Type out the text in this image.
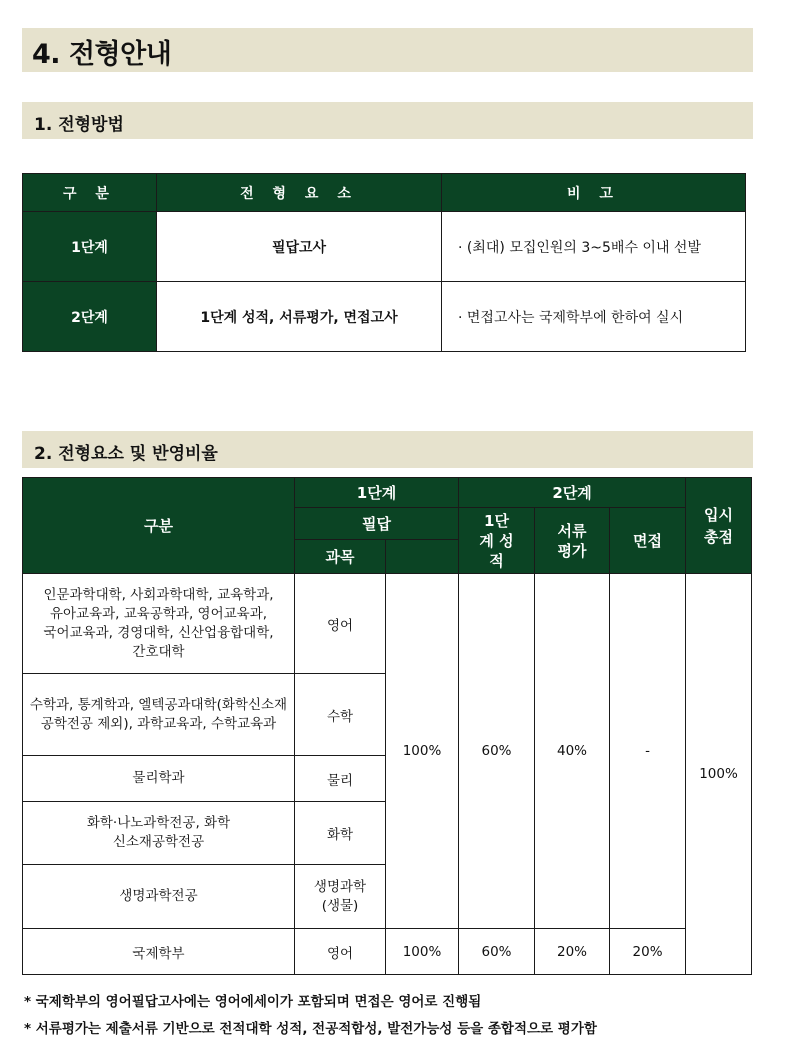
4. 전형안내
1. 전형방법
구 분	전 형 요 소	비 고
1단계	필답고사	· (최대) 모집인원의 3~5배수 이내 선발
2단계	1단계 성적, 서류평가, 면접고사	· 면접고사는 국제학부에 한하여 실시
2. 전형요소 및 반영비율
구분	1단계		2단계			입시 총점
	필답		1단계 성적	서류 평가	면접	
	과목					
인문과학대학, 사회과학대학, 교육학과, 유아교육과, 교육공학과, 영어교육과, 국어교육과, 경영대학, 신산업융합대학, 간호대학	영어	100%	60%	40%	-	100%
수학과, 통계학과, 엘텍공과대학(화학신소재공학전공 제외), 과학교육과, 수학교육과	수학					
물리학과	물리					
화학·나노과학전공, 화학신소재공학전공	화학					
생명과학전공	생명과학 (생물)					
국제학부	영어	100%	60%	20%	20%	
* 국제학부의 영어필답고사에는 영어에세이가 포함되며 면접은 영어로 진행됨
* 서류평가는 제출서류 기반으로 전적대학 성적, 전공적합성, 발전가능성 등을 종합적으로 평가함
